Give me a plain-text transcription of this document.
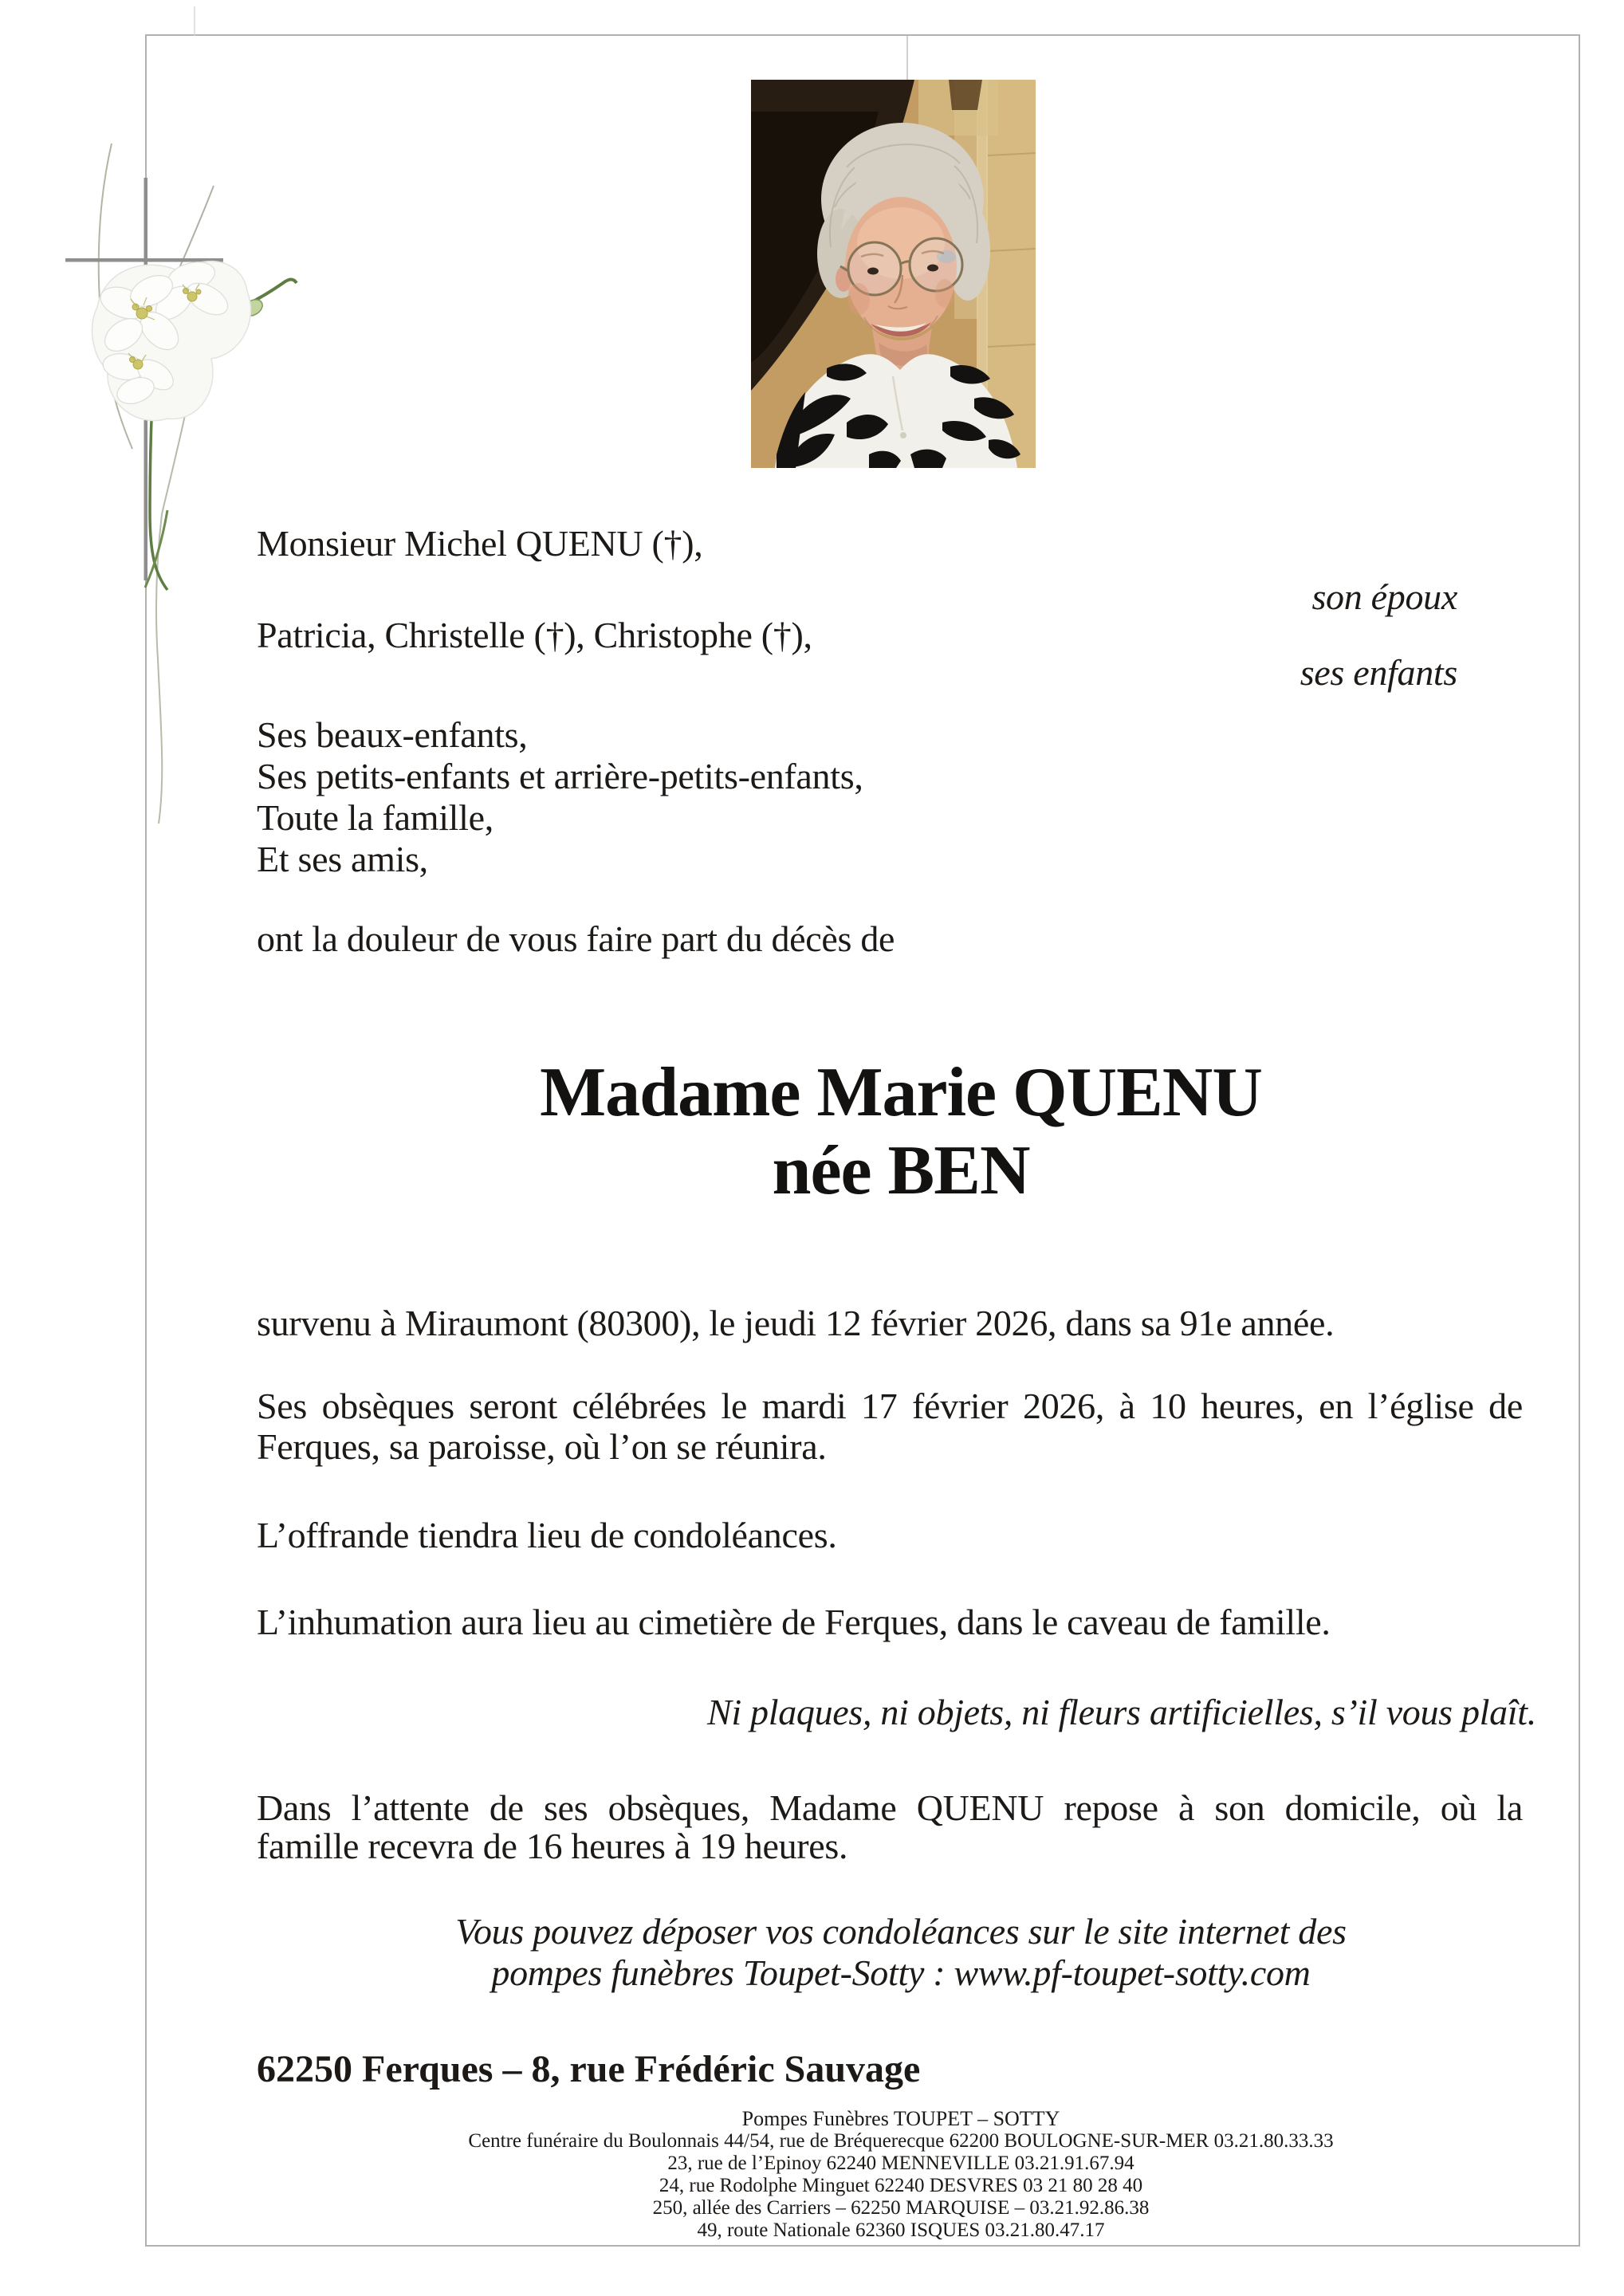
Monsieur Michel QUENU (†),
son époux
Patricia, Christelle (†), Christophe (†),
ses enfants
Ses beaux-enfants,
Ses petits-enfants et arrière-petits-enfants,
Toute la famille,
Et ses amis,
ont la douleur de vous faire part du décès de
Madame Marie QUENU
née BEN
survenu à Miraumont (80300), le jeudi 12 février 2026, dans sa 91e année.
Ses obsèques seront célébrées le mardi 17 février 2026, à 10 heures, en l’église de
Ferques, sa paroisse, où l’on se réunira.
L’offrande tiendra lieu de condoléances.
L’inhumation aura lieu au cimetière de Ferques, dans le caveau de famille.
Ni plaques, ni objets, ni fleurs artificielles, s’il vous plaît.
Dans l’attente de ses obsèques, Madame QUENU repose à son domicile, où la
famille recevra de 16 heures à 19 heures.
Vous pouvez déposer vos condoléances sur le site internet des
pompes funèbres Toupet-Sotty : www.pf-toupet-sotty.com
62250 Ferques – 8, rue Frédéric Sauvage
Pompes Funèbres TOUPET – SOTTY
Centre funéraire du Boulonnais 44/54, rue de Bréquerecque 62200 BOULOGNE-SUR-MER 03.21.80.33.33
23, rue de l’Epinoy 62240 MENNEVILLE 03.21.91.67.94
24, rue Rodolphe Minguet 62240 DESVRES 03 21 80 28 40
250, allée des Carriers – 62250 MARQUISE – 03.21.92.86.38
49, route Nationale 62360 ISQUES 03.21.80.47.17
